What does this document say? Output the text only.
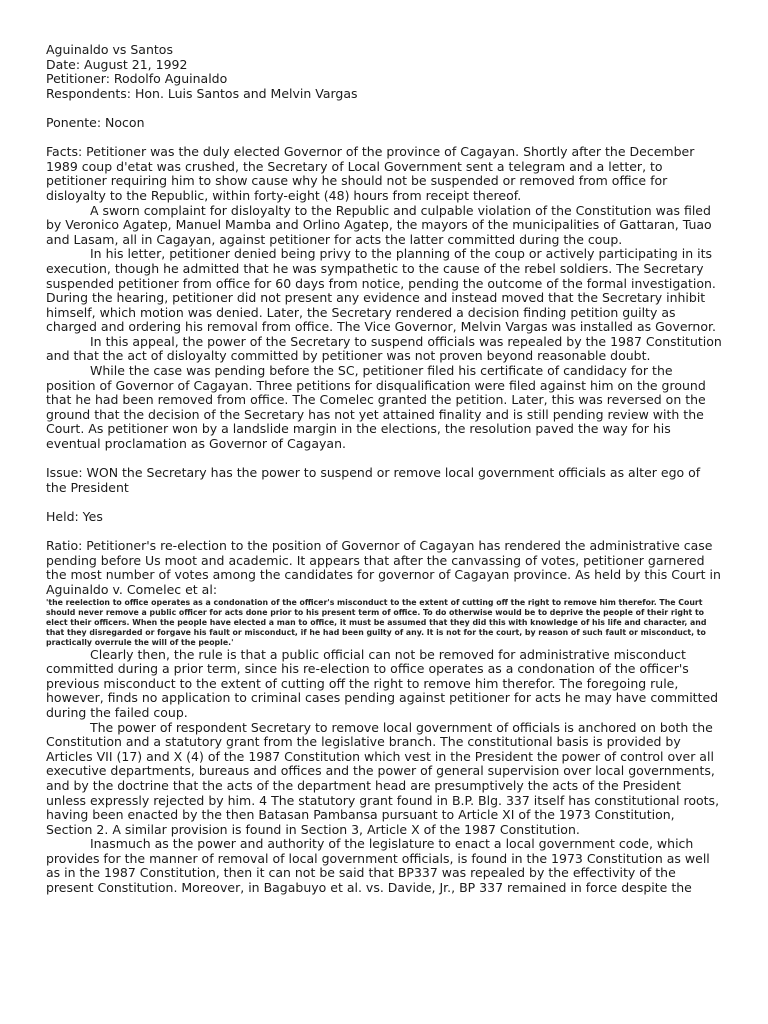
Aguinaldo vs Santos
Date: August 21, 1992
Petitioner: Rodolfo Aguinaldo
Respondents: Hon. Luis Santos and Melvin Vargas
Ponente: Nocon

Facts: Petitioner was the duly elected Governor of the province of Cagayan. Shortly after the December 1989 coup d'etat was crushed, the Secretary of Local Government sent a telegram and a letter, to petitioner requiring him to show cause why he should not be suspended or removed from office for disloyalty to the Republic, within forty-eight (48) hours from receipt thereof.

A sworn complaint for disloyalty to the Republic and culpable violation of the Constitution was filed by Veronico Agatep, Manuel Mamba and Orlino Agatep, the mayors of the municipalities of Gattaran, Tuao and Lasam, all in Cagayan, against petitioner for acts the latter committed during the coup.

In his letter, petitioner denied being privy to the planning of the coup or actively participating in its execution, though he admitted that he was sympathetic to the cause of the rebel soldiers. The Secretary suspended petitioner from office for 60 days from notice, pending the outcome of the formal investigation. During the hearing, petitioner did not present any evidence and instead moved that the Secretary inhibit himself, which motion was denied. Later, the Secretary rendered a decision finding petition guilty as charged and ordering his removal from office. The Vice Governor, Melvin Vargas was installed as Governor.

In this appeal, the power of the Secretary to suspend officials was repealed by the 1987 Constitution and that the act of disloyalty committed by petitioner was not proven beyond reasonable doubt.

While the case was pending before the SC, petitioner filed his certificate of candidacy for the position of Governor of Cagayan. Three petitions for disqualification were filed against him on the ground that he had been removed from office. The Comelec granted the petition. Later, this was reversed on the ground that the decision of the Secretary has not yet attained finality and is still pending review with the Court. As petitioner won by a landslide margin in the elections, the resolution paved the way for his eventual proclamation as Governor of Cagayan.

Issue: WON the Secretary has the power to suspend or remove local government officials as alter ego of the President

Held: Yes

Ratio: Petitioner's re-election to the position of Governor of Cagayan has rendered the administrative case pending before Us moot and academic. It appears that after the canvassing of votes, petitioner garnered the most number of votes among the candidates for governor of Cagayan province. As held by this Court in Aguinaldo v. Comelec et al:

'the reelection to office operates as a condonation of the officer's misconduct to the extent of cutting off the right to remove him therefor. The Court should never remove a public officer for acts done prior to his present term of office. To do otherwise would be to deprive the people of their right to elect their officers. When the people have elected a man to office, it must be assumed that they did this with knowledge of his life and character, and that they disregarded or forgave his fault or misconduct, if he had been guilty of any. It is not for the court, by reason of such fault or misconduct, to practically overrule the will of the people.'

Clearly then, the rule is that a public official can not be removed for administrative misconduct committed during a prior term, since his re-election to office operates as a condonation of the officer's previous misconduct to the extent of cutting off the right to remove him therefor. The foregoing rule, however, finds no application to criminal cases pending against petitioner for acts he may have committed during the failed coup.

The power of respondent Secretary to remove local government of officials is anchored on both the Constitution and a statutory grant from the legislative branch. The constitutional basis is provided by Articles VII (17) and X (4) of the 1987 Constitution which vest in the President the power of control over all executive departments, bureaus and offices and the power of general supervision over local governments, and by the doctrine that the acts of the department head are presumptively the acts of the President unless expressly rejected by him. 4 The statutory grant found in B.P. Blg. 337 itself has constitutional roots, having been enacted by the then Batasan Pambansa pursuant to Article XI of the 1973 Constitution, Section 2. A similar provision is found in Section 3, Article X of the 1987 Constitution.

Inasmuch as the power and authority of the legislature to enact a local government code, which provides for the manner of removal of local government officials, is found in the 1973 Constitution as well as in the 1987 Constitution, then it can not be said that BP337 was repealed by the effectivity of the present Constitution. Moreover, in Bagabuyo et al. vs. Davide, Jr., BP 337 remained in force despite the
